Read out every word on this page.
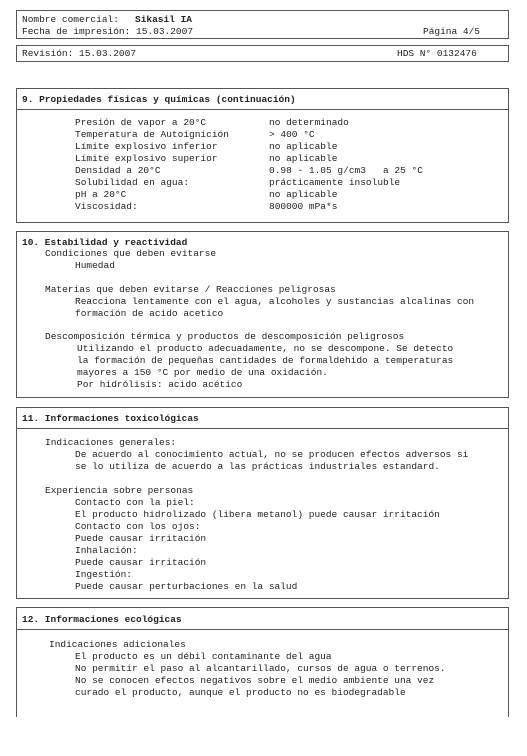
Nombre comercial: Sikasil IA
Fecha de impresión: 15.03.2007	Página 4/5
Revisión: 15.03.2007	HDS N° 0132476
9. Propiedades físicas y químicas (continuación)
Presión de vapor a 20°C	no determinado
Temperatura de Autoignición	> 400 °C
Límite explosivo inferior	no aplicable
Límite explosivo superior	no aplicable
Densidad a 20°C	0.98 - 1.05 g/cm3   a 25 °C
Solubilidad en agua:	prácticamente insoluble
pH a 20°C	no aplicable
Viscosidad:	800000 mPa*s
10. Estabilidad y reactividad
Condiciones que deben evitarse
Humedad
Materias que deben evitarse / Reacciones peligrosas
Reacciona lentamente con el agua, alcoholes y sustancias alcalinas con
formación de acido acetico
Descomposición térmica y productos de descomposición peligrosos
Utilizando el producto adecuadamente, no se descompone. Se detecto
la formación de pequeñas cantidades de formaldehido a temperaturas
mayores a 150 °C por medio de una oxidación.
Por hidrólisis: acido acético
11. Informaciones toxicológicas
Indicaciones generales:
De acuerdo al conocimiento actual, no se producen efectos adversos si
se lo utiliza de acuerdo a las prácticas industriales estandard.
Experiencia sobre personas
Contacto con la piel:
El producto hidrolizado (libera metanol) puede causar irritación
Contacto con los ojos:
Puede causar irritación
Inhalación:
Puede causar irritación
Ingestión:
Puede causar perturbaciones en la salud
12. Informaciones ecológicas
Indicaciones adicionales
El producto es un débil contaminante del agua
No permitir el paso al alcantarillado, cursos de agua o terrenos.
No se conocen efectos negativos sobre el medio ambiente una vez
curado el producto, aunque el producto no es biodegradable
